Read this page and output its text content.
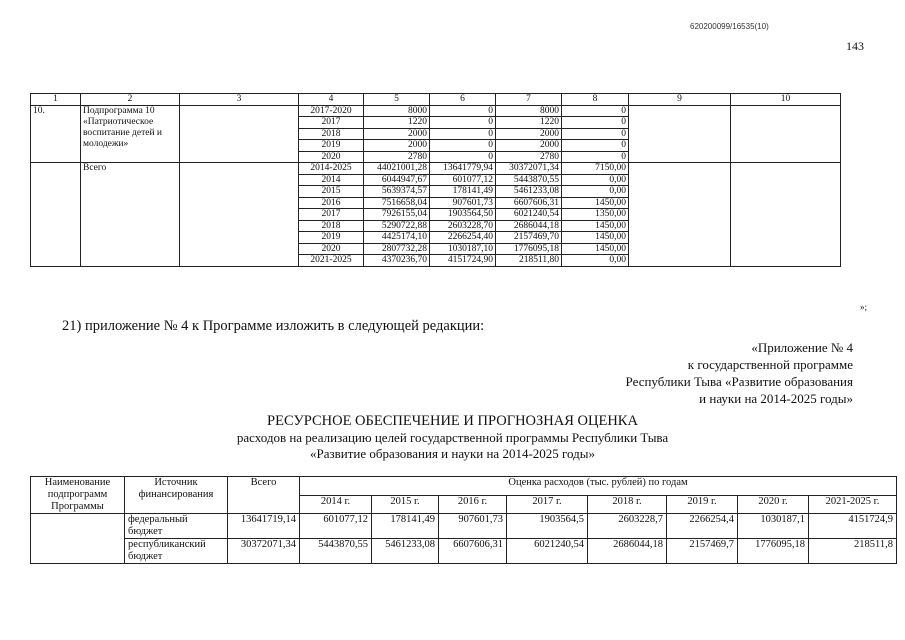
620200099/16535(10)
143
1	2	3	4	5	6	7	8	9	10
10.	Подпрограмма 10 «Патриотическое воспитание детей и молодежи»		2017-2020	8000	0	8000	0		
			2017	1220	0	1220	0		
			2018	2000	0	2000	0		
			2019	2000	0	2000	0		
			2020	2780	0	2780	0		
	Всего		2014-2025	44021001,28	13641779,94	30372071,34	7150,00		
			2014	6044947,67	601077,12	5443870,55	0,00		
			2015	5639374,57	178141,49	5461233,08	0,00		
			2016	7516658,04	907601,73	6607606,31	1450,00		
			2017	7926155,04	1903564,50	6021240,54	1350,00		
			2018	5290722,88	2603228,70	2686044,18	1450,00		
			2019	4425174,10	2266254,40	2157469,70	1450,00		
			2020	2807732,28	1030187,10	1776095,18	1450,00		
			2021-2025	4370236,70	4151724,90	218511,80	0,00		
»;
21) приложение № 4 к Программе изложить в следующей редакции:
«Приложение № 4
к государственной программе
Республики Тыва «Развитие образования
и науки на 2014-2025 годы»
РЕСУРСНОЕ ОБЕСПЕЧЕНИЕ И ПРОГНОЗНАЯ ОЦЕНКА
расходов на реализацию целей государственной программы Республики Тыва
«Развитие образования и науки на 2014-2025 годы»
Наименование подпрограмм Программы	Источник финансирования	Всего	Оценка расходов (тыс. рублей) по годам							
			2014 г.	2015 г.	2016 г.	2017 г.	2018 г.	2019 г.	2020 г.	2021-2025 г.
	федеральный бюджет	13641719,14	601077,12	178141,49	907601,73	1903564,5	2603228,7	2266254,4	1030187,1	4151724,9
	республиканский бюджет	30372071,34	5443870,55	5461233,08	6607606,31	6021240,54	2686044,18	2157469,7	1776095,18	218511,8
